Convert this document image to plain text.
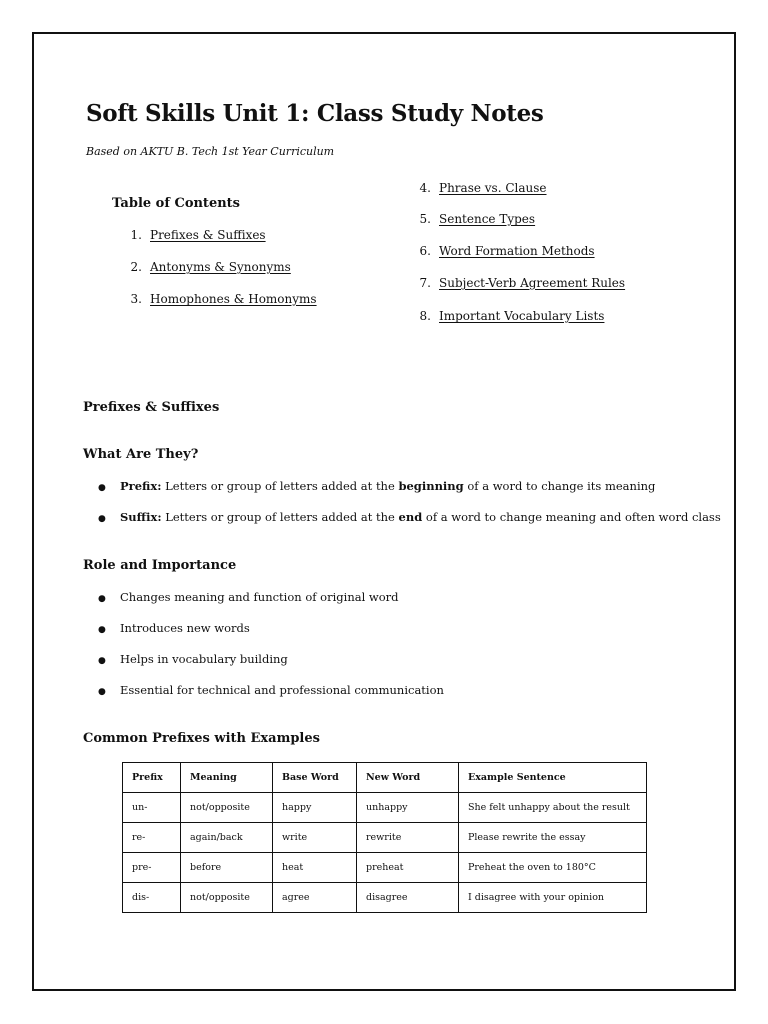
Soft Skills Unit 1: Class Study Notes
Based on AKTU B. Tech 1st Year Curriculum
Table of Contents
1. Prefixes & Suffixes
2. Antonyms & Synonyms
3. Homophones & Homonyms
4. Phrase vs. Clause
5. Sentence Types
6. Word Formation Methods
7. Subject-Verb Agreement Rules
8. Important Vocabulary Lists
Prefixes & Suffixes
What Are They?
●	Prefix: Letters or group of letters added at the beginning of a word to change its meaning
●	Suffix: Letters or group of letters added at the end of a word to change meaning and often word class
Role and Importance
●	Changes meaning and function of original word
●	Introduces new words
●	Helps in vocabulary building
●	Essential for technical and professional communication
Common Prefixes with Examples
Prefix	Meaning	Base Word	New Word	Example Sentence
un-	not/opposite	happy	unhappy	She felt unhappy about the result
re-	again/back	write	rewrite	Please rewrite the essay
pre-	before	heat	preheat	Preheat the oven to 180°C
dis-	not/opposite	agree	disagree	I disagree with your opinion
